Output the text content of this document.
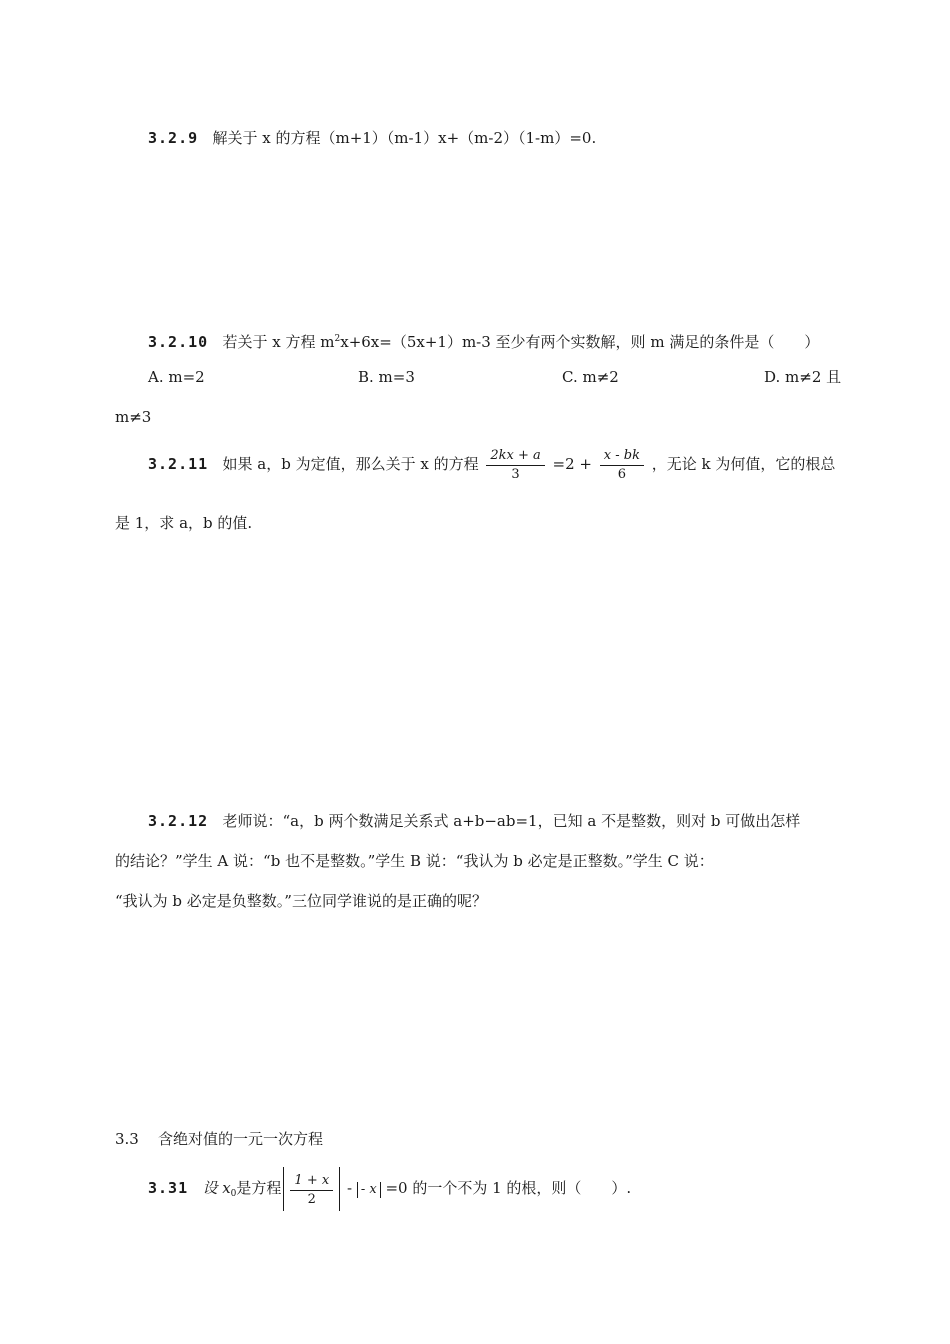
3.2.9 解关于 x 的方程（m+1）（m-1）x+（m-2）（1-m）=0.
3.2.10 若关于 x 方程 $m^2x+6x=(5x+1)m-3$ 至少有两个实数解，则 m 满足的条件是（　　）
A. m=2	B. m=3	C. m≠2	D. m≠2 且
m≠3
3.2.11 如果 a，b 为定值，那么关于 x 的方程 $\frac{2kx + a}{3} =2 + \frac{x - bk}{6}$ ，无论 k 为何值，它的根总
是 1，求 a，b 的值.
3.2.12 老师说：“a，b 两个数满足关系式 a+b−ab=1，已知 a 不是整数，则对 b 可做出怎样
的结论？”学生 A 说：“b 也不是整数。”学生 B 说：“我认为 b 必定是正整数。”学生 C 说：
“我认为 b 必定是负整数。”三位同学谁说的是正确的呢？
3.3 含绝对值的一元一次方程
3.31 设 $x_0$是方程 $\frac{1 + x}{2}$ - - x =0 的一个不为 1 的根，则（　　）.
